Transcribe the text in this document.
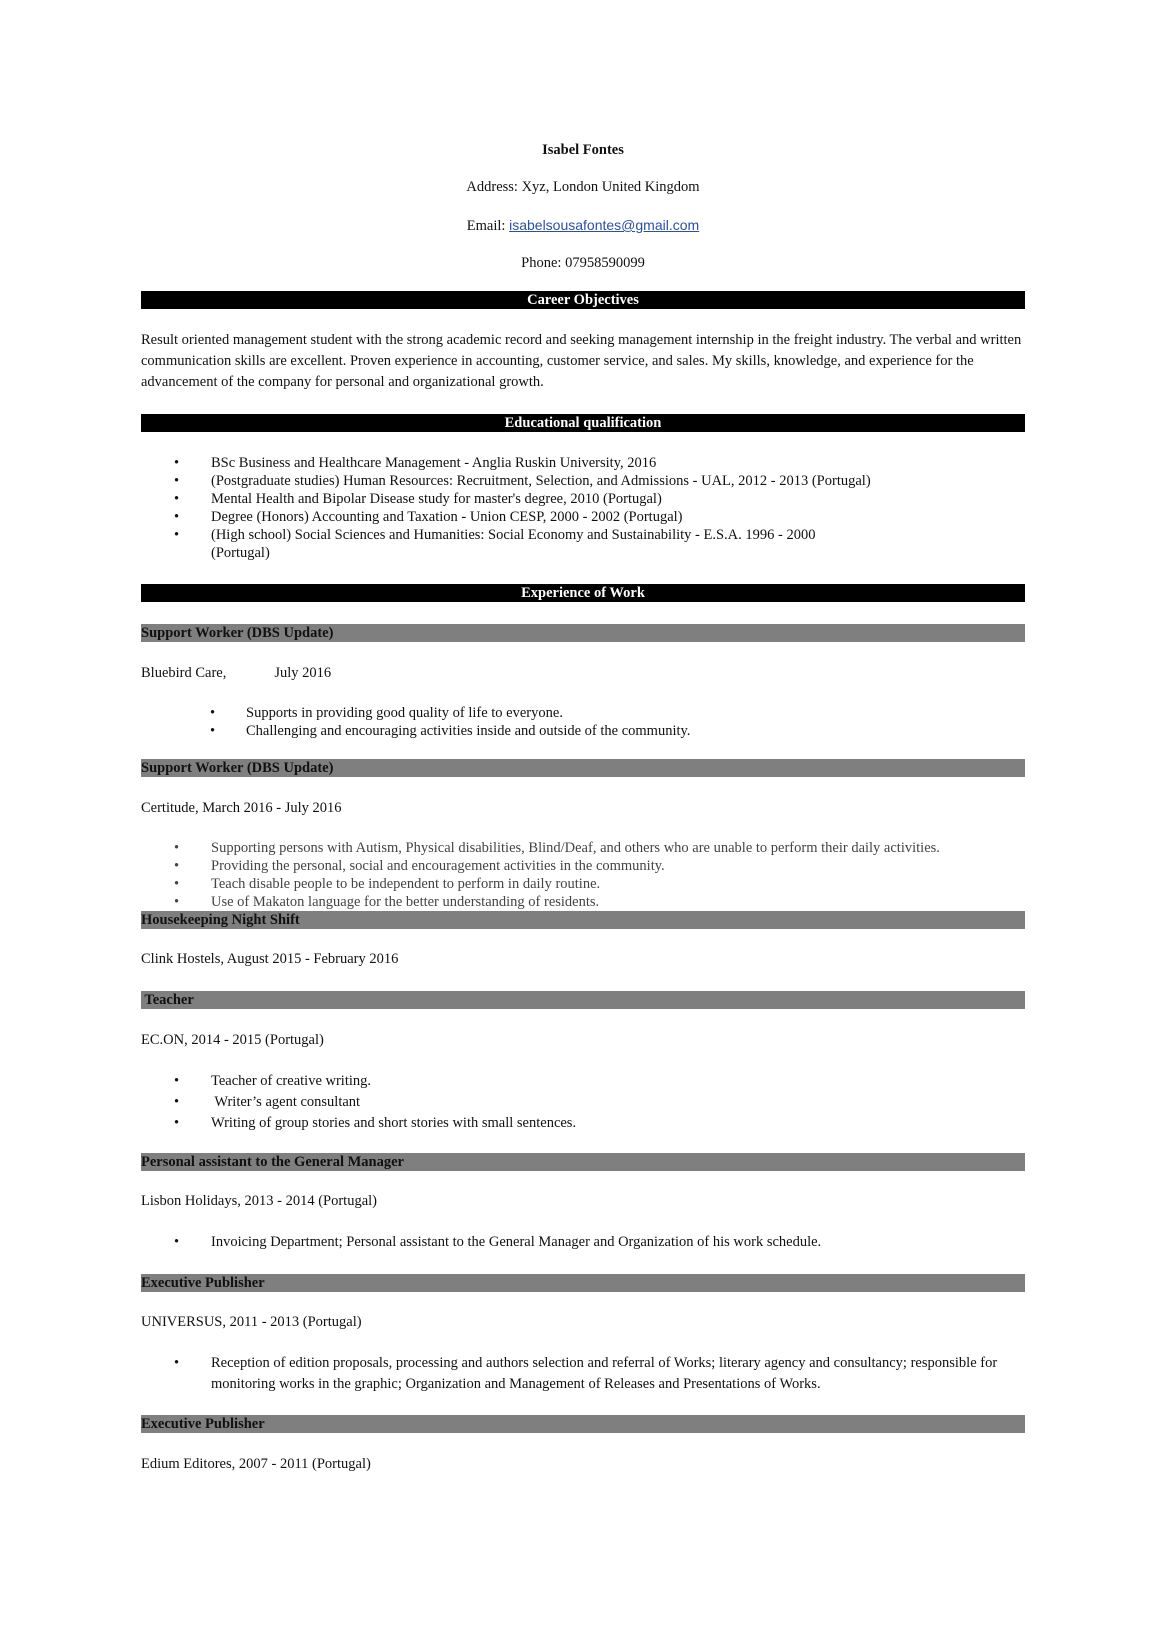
Isabel Fontes
Address: Xyz, London United Kingdom
Email: isabelsousafontes@gmail.com
Phone: 07958590099
Career Objectives
Result oriented management student with the strong academic record and seeking management internship in the freight industry. The verbal and written communication skills are excellent. Proven experience in accounting, customer service, and sales. My skills, knowledge, and experience for the advancement of the company for personal and organizational growth.
Educational qualification
• BSc Business and Healthcare Management - Anglia Ruskin University, 2016
• (Postgraduate studies) Human Resources: Recruitment, Selection, and Admissions - UAL, 2012 - 2013 (Portugal)
• Mental Health and Bipolar Disease study for master's degree, 2010 (Portugal)
• Degree (Honors) Accounting and Taxation - Union CESP, 2000 - 2002 (Portugal)
• (High school) Social Sciences and Humanities: Social Economy and Sustainability - E.S.A. 1996 - 2000
(Portugal)
Experience of Work
Support Worker (DBS Update)
Bluebird Care,	July 2016
• Supports in providing good quality of life to everyone.
• Challenging and encouraging activities inside and outside of the community.
Support Worker (DBS Update)
Certitude, March 2016 - July 2016
• Supporting persons with Autism, Physical disabilities, Blind/Deaf, and others who are unable to perform their daily activities.
• Providing the personal, social and encouragement activities in the community.
• Teach disable people to be independent to perform in daily routine.
• Use of Makaton language for the better understanding of residents.
Housekeeping Night Shift
Clink Hostels, August 2015 - February 2016
Teacher
EC.ON, 2014 - 2015 (Portugal)
• Teacher of creative writing.
• Writer’s agent consultant
• Writing of group stories and short stories with small sentences.
Personal assistant to the General Manager
Lisbon Holidays, 2013 - 2014 (Portugal)
• Invoicing Department; Personal assistant to the General Manager and Organization of his work schedule.
Executive Publisher
UNIVERSUS, 2011 - 2013 (Portugal)
• Reception of edition proposals, processing and authors selection and referral of Works; literary agency and consultancy; responsible for monitoring works in the graphic; Organization and Management of Releases and Presentations of Works.
Executive Publisher
Edium Editores, 2007 - 2011 (Portugal)
